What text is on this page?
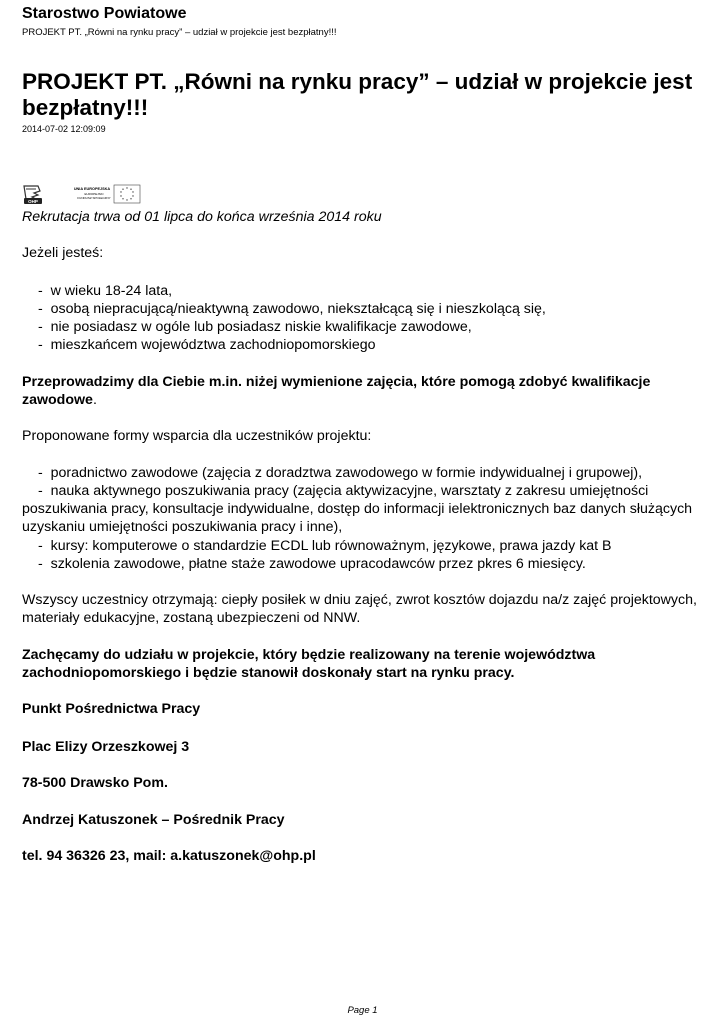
Starostwo Powiatowe
PROJEKT PT. „Równi na rynku pracy” – udział w projekcie jest bezpłatny!!!
PROJEKT PT. „Równi na rynku pracy” – udział w projekcie jest bezpłatny!!!
2014-07-02 12:09:09
OHP
UNIA EUROPEJSKA
EUROPEJSKI
FUNDUSZ SPOŁECZNY

Rekrutacja trwa od 01 lipca do końca września 2014 roku

Jeżeli jesteś:

-  w wieku 18-24 lata,

-  osobą niepracującą/nieaktywną zawodowo, niekształcącą się i nieszkolącą się,

-  nie posiadasz w ogóle lub posiadasz niskie kwalifikacje zawodowe,

-  mieszkańcem województwa zachodniopomorskiego

Przeprowadzimy dla Ciebie m.in. niżej wymienione zajęcia, które pomogą zdobyć kwalifikacje zawodowe.

Proponowane formy wsparcia dla uczestników projektu:

-  poradnictwo zawodowe (zajęcia z doradztwa zawodowego w formie indywidualnej i grupowej),

-  nauka aktywnego poszukiwania pracy (zajęcia aktywizacyjne, warsztaty z zakresu umiejętności poszukiwania pracy, konsultacje indywidualne, dostęp do informacji ielektronicznych baz danych służących uzyskaniu umiejętności poszukiwania pracy i inne),

-  kursy: komputerowe o standardzie ECDL lub równoważnym, językowe, prawa jazdy kat B

-  szkolenia zawodowe, płatne staże zawodowe upracodawców przez pkres 6 miesięcy.

Wszyscy uczestnicy otrzymają: ciepły posiłek w dniu zajęć, zwrot kosztów dojazdu na/z zajęć projektowych, materiały edukacyjne, zostaną ubezpieczeni od NNW.

Zachęcamy do udziału w projekcie, który będzie realizowany na terenie województwa zachodniopomorskiego i będzie stanowił doskonały start na rynku pracy.

Punkt Pośrednictwa Pracy

Plac Elizy Orzeszkowej 3

78-500 Drawsko Pom.

Andrzej Katuszonek – Pośrednik Pracy

tel. 94 36326 23, mail: a.katuszonek@ohp.pl

Page 1
